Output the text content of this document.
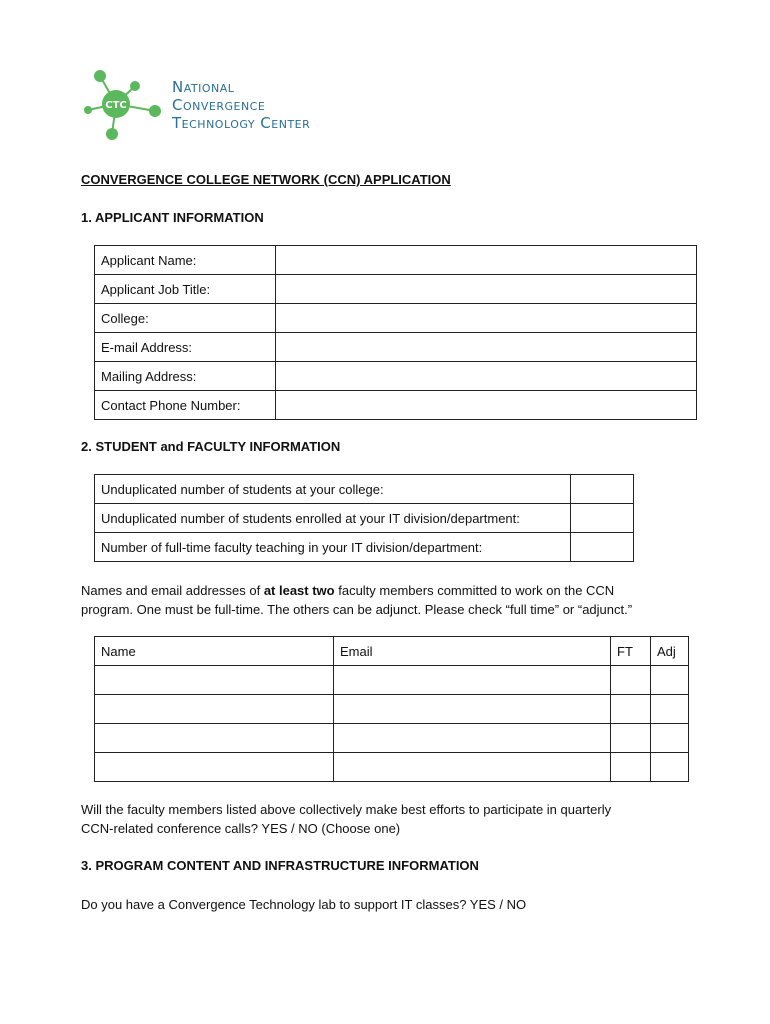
CTC
National
Convergence
Technology Center
CONVERGENCE COLLEGE NETWORK (CCN) APPLICATION
1. APPLICANT INFORMATION
Applicant Name:	
Applicant Job Title:	
College:	
E-mail Address:	
Mailing Address:	
Contact Phone Number:	
2. STUDENT and FACULTY INFORMATION
Unduplicated number of students at your college:	
Unduplicated number of students enrolled at your IT division/department:	
Number of full-time faculty teaching in your IT division/department:	
Names and email addresses of at least two faculty members committed to work on the CCN
program. One must be full-time. The others can be adjunct. Please check “full time” or “adjunct.”
Name	Email	FT	Adj

Will the faculty members listed above collectively make best efforts to participate in quarterly
CCN-related conference calls? YES / NO (Choose one)
3. PROGRAM CONTENT AND INFRASTRUCTURE INFORMATION
Do you have a Convergence Technology lab to support IT classes? YES / NO
